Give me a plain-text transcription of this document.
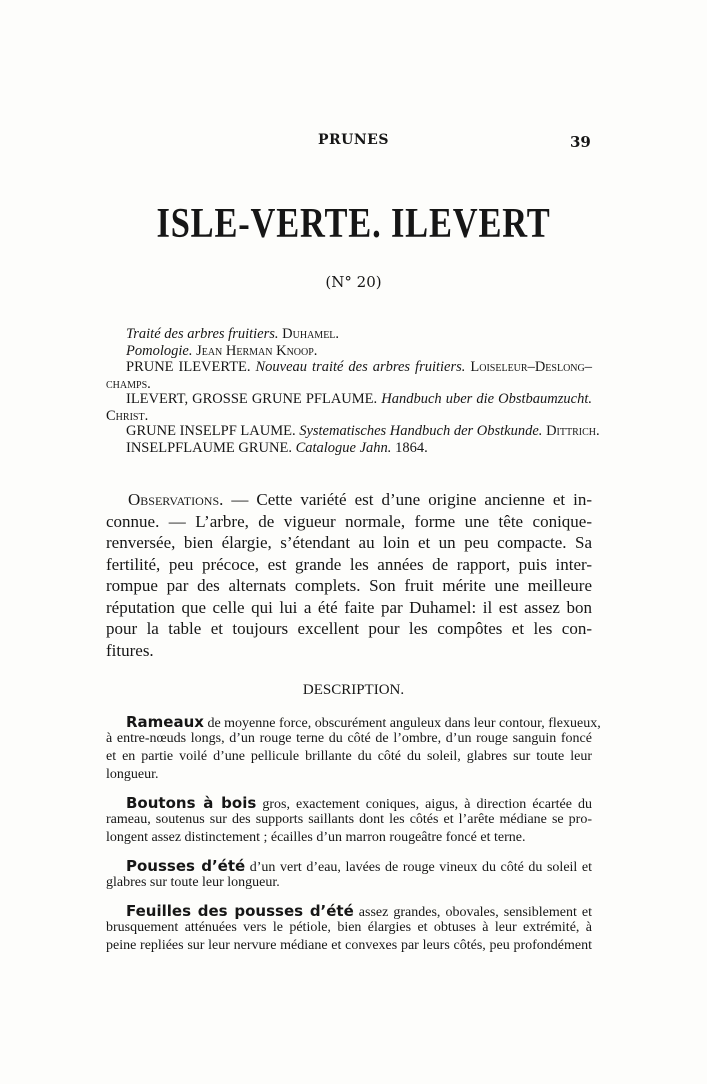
PRUNES	39
ISLE-VERTE. ILEVERT
(N° 20)
Traité des arbres fruitiers. Duhamel.
Pomologie. Jean Herman Knoop.
PRUNE ILEVERTE. Nouveau traité des arbres fruitiers. Loiseleur–Deslong–
champs.
ILEVERT, GROSSE GRUNE PFLAUME. Handbuch uber die Obstbaumzucht.
Christ.
GRUNE INSELPF LAUME. Systematisches Handbuch der Obstkunde. Dittrich.
INSELPFLAUME GRUNE. Catalogue Jahn. 1864.
Observations. — Cette variété est d’une origine ancienne et in-
connue. — L’arbre, de vigueur normale, forme une tête conique-
renversée, bien élargie, s’étendant au loin et un peu compacte. Sa
fertilité, peu précoce, est grande les années de rapport, puis inter-
rompue par des alternats complets. Son fruit mérite une meilleure
réputation que celle qui lui a été faite par Duhamel: il est assez bon
pour la table et toujours excellent pour les compôtes et les con-
fitures.
DESCRIPTION.
Rameaux de moyenne force, obscurément anguleux dans leur contour, flexueux,
à entre-nœuds longs, d’un rouge terne du côté de l’ombre, d’un rouge sanguin foncé
et en partie voilé d’une pellicule brillante du côté du soleil, glabres sur toute leur
longueur.
Boutons à bois gros, exactement coniques, aigus, à direction écartée du
rameau, soutenus sur des supports saillants dont les côtés et l’arête médiane se pro-
longent assez distinctement ; écailles d’un marron rougeâtre foncé et terne.
Pousses d’été d’un vert d’eau, lavées de rouge vineux du côté du soleil et
glabres sur toute leur longueur.
Feuilles des pousses d’été assez grandes, obovales, sensiblement et
brusquement atténuées vers le pétiole, bien élargies et obtuses à leur extrémité, à
peine repliées sur leur nervure médiane et convexes par leurs côtés, peu profondément
